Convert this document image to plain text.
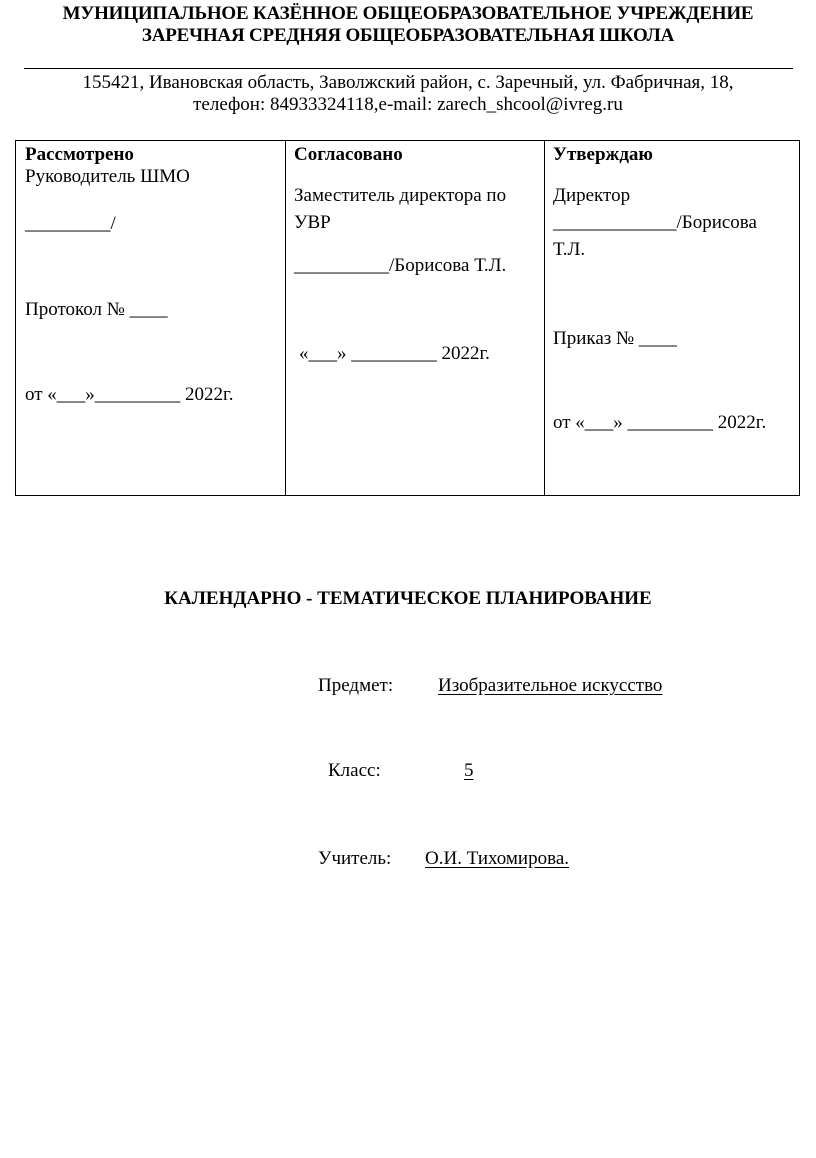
МУНИЦИПАЛЬНОЕ КАЗЁННОЕ ОБЩЕОБРАЗОВАТЕЛЬНОЕ УЧРЕЖДЕНИЕ
ЗАРЕЧНАЯ СРЕДНЯЯ ОБЩЕОБРАЗОВАТЕЛЬНАЯ ШКОЛА
155421, Ивановская область, Заволжский район, с. Заречный, ул. Фабричная, 18,
телефон: 84933324118,e-mail: zarech_shcool@ivreg.ru
Рассмотрено
Руководитель ШМО
_________/
Протокол № ____
от «___»_________ 2022г.
Согласовано
Заместитель директора по
УВР
__________/Борисова Т.Л.
«___» _________ 2022г.
Утверждаю
Директор
_____________/Борисова
Т.Л.
Приказ № ____
от «___» _________ 2022г.
КАЛЕНДАРНО - ТЕМАТИЧЕСКОЕ ПЛАНИРОВАНИЕ
Предмет: Изобразительное искусство
Класс:	5
Учитель: О.И. Тихомирова.
